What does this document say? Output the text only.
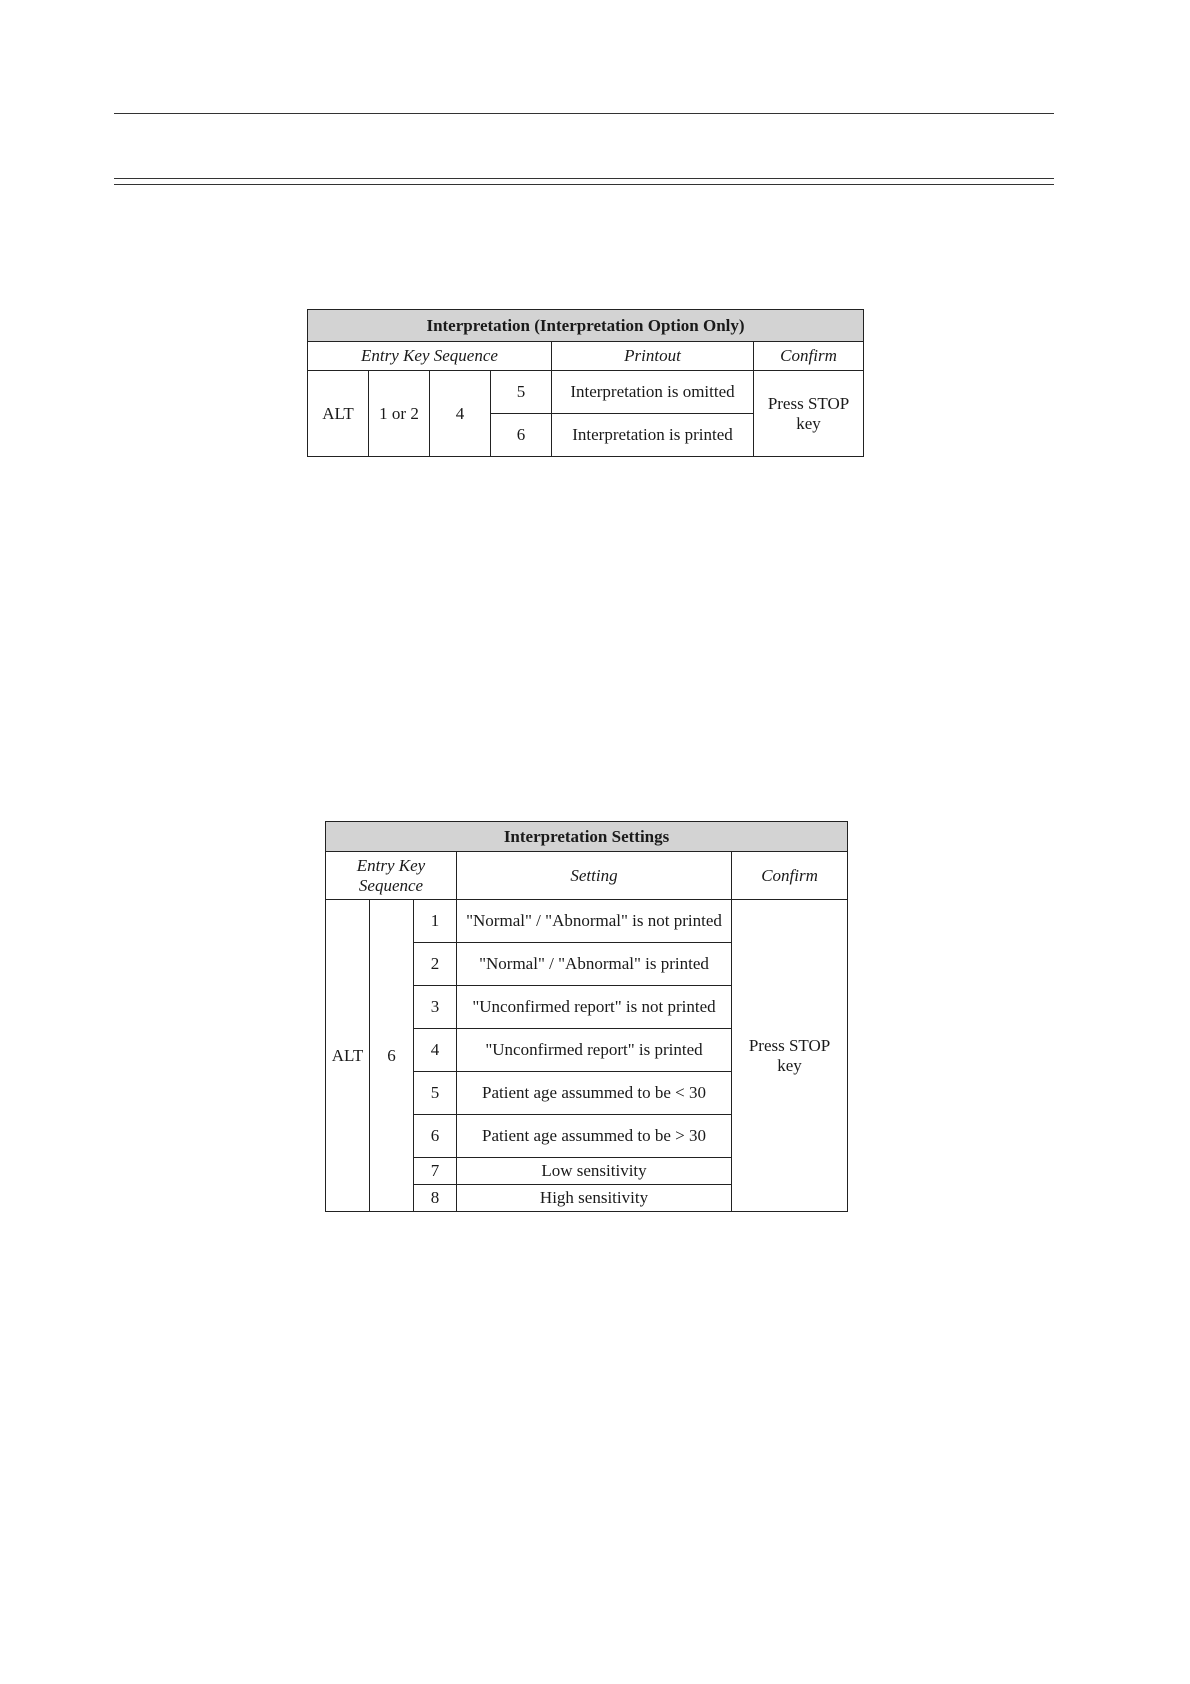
Interpretation (Interpretation Option Only)					
Entry Key Sequence				Printout	Confirm
ALT	1 or 2	4	5	Interpretation is omitted	Press STOP key
			6	Interpretation is printed	
Interpretation Settings				
Entry Key Sequence			Setting	Confirm
ALT	6	1	"Normal" / "Abnormal" is not printed	Press STOP key
		2	"Normal" / "Abnormal" is printed	
		3	"Unconfirmed report" is not printed	
		4	"Unconfirmed report" is printed	
		5	Patient age assummed to be < 30	
		6	Patient age assummed to be > 30	
		7	Low sensitivity	
		8	High sensitivity	
